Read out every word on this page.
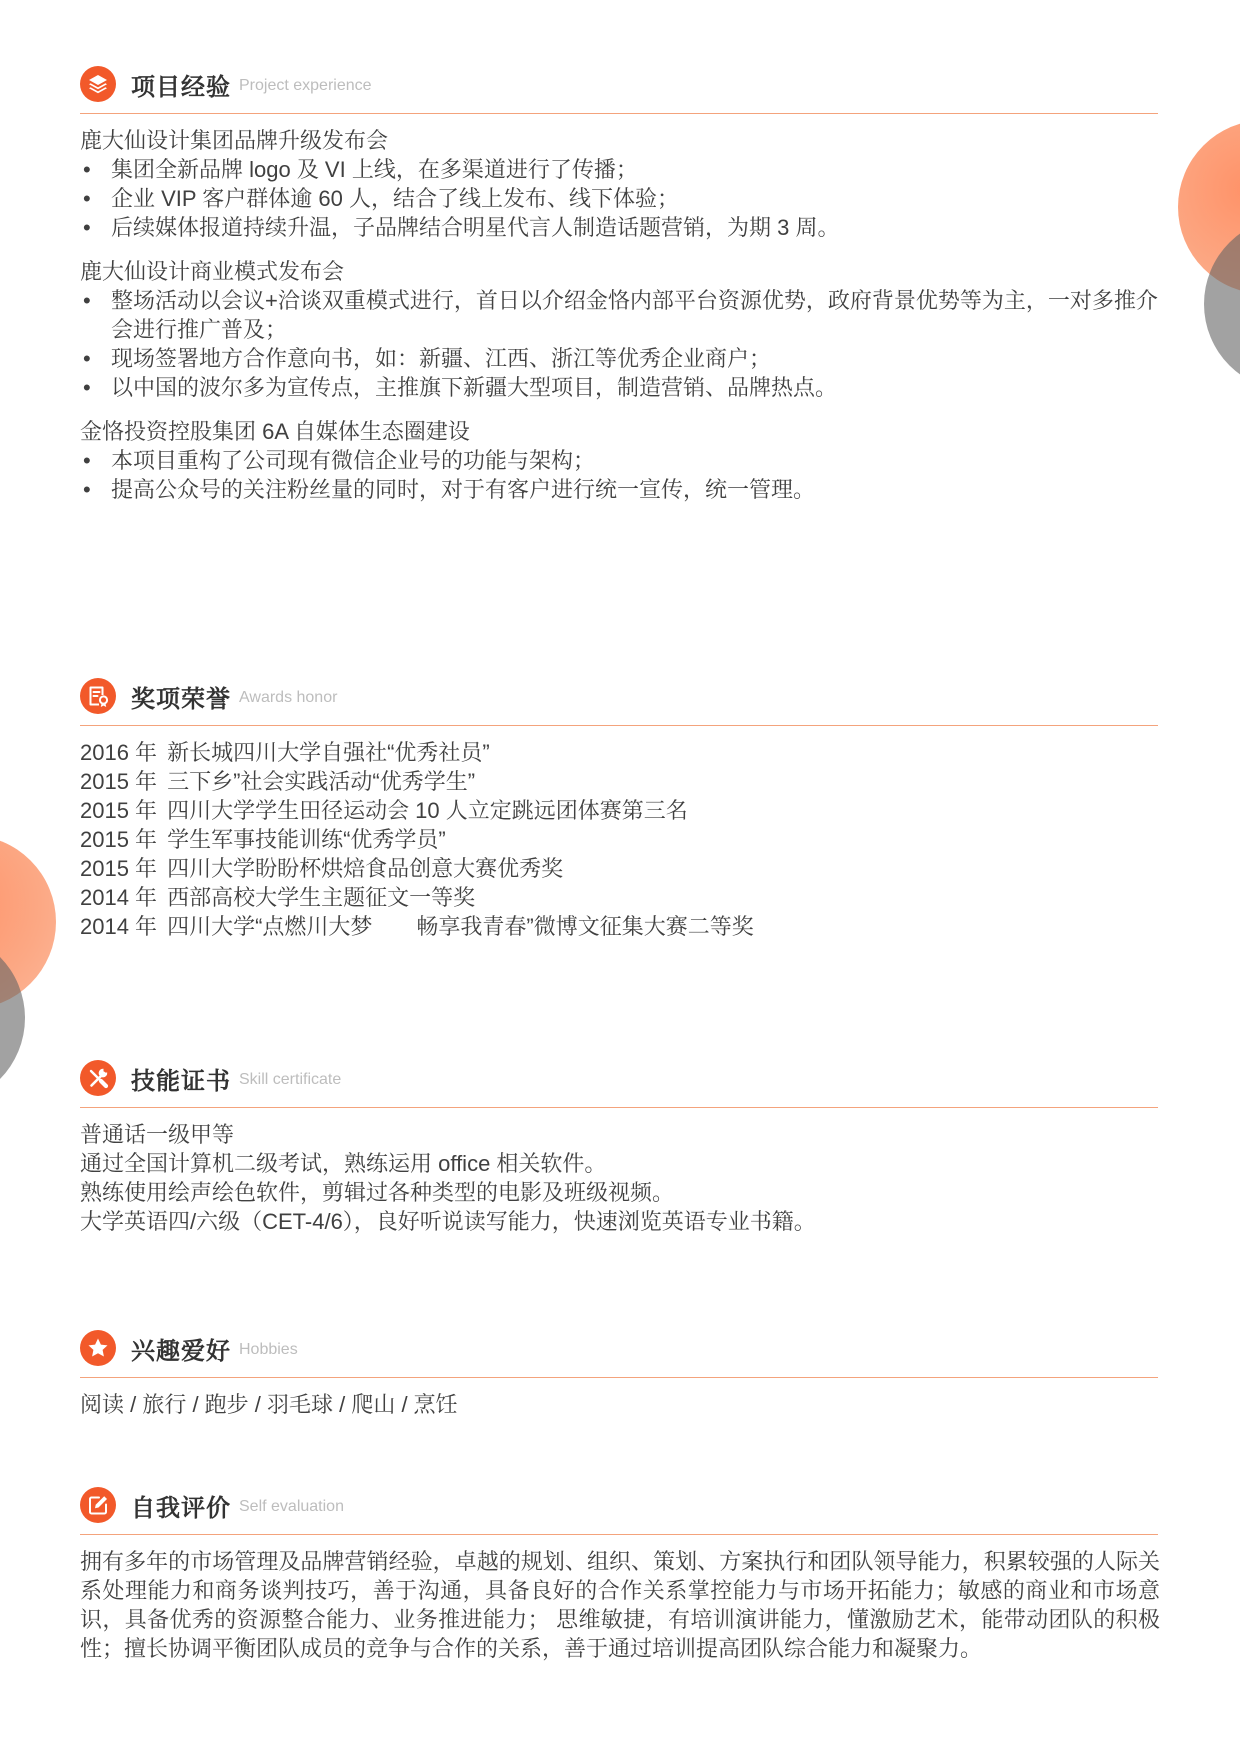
项目经验 Project experience
鹿大仙设计集团品牌升级发布会
• 集团全新品牌 logo 及 VI 上线，在多渠道进行了传播；
• 企业 VIP 客户群体逾 60 人，结合了线上发布、线下体验；
• 后续媒体报道持续升温，子品牌结合明星代言人制造话题营销，为期 3 周。
鹿大仙设计商业模式发布会
• 整场活动以会议+洽谈双重模式进行，首日以介绍金恪内部平台资源优势，政府背景优势等为主，一对多推介会进行推广普及；
• 现场签署地方合作意向书，如：新疆、江西、浙江等优秀企业商户；
• 以中国的波尔多为宣传点，主推旗下新疆大型项目，制造营销、品牌热点。
金恪投资控股集团 6A 自媒体生态圈建设
• 本项目重构了公司现有微信企业号的功能与架构；
• 提高公众号的关注粉丝量的同时，对于有客户进行统一宣传，统一管理。
奖项荣誉 Awards honor
2016 年 新长城四川大学自强社“优秀社员”
2015 年 三下乡”社会实践活动“优秀学生”
2015 年 四川大学学生田径运动会 10 人立定跳远团体赛第三名
2015 年 学生军事技能训练“优秀学员”
2015 年 四川大学盼盼杯烘焙食品创意大赛优秀奖
2014 年 西部高校大学生主题征文一等奖
2014 年 四川大学“点燃川大梦　　畅享我青春”微博文征集大赛二等奖
技能证书 Skill certificate
普通话一级甲等
通过全国计算机二级考试，熟练运用 office 相关软件。
熟练使用绘声绘色软件，剪辑过各种类型的电影及班级视频。
大学英语四/六级（CET-4/6），良好听说读写能力，快速浏览英语专业书籍。
兴趣爱好 Hobbies
阅读 / 旅行 / 跑步 / 羽毛球 / 爬山 / 烹饪
自我评价 Self evaluation
拥有多年的市场管理及品牌营销经验，卓越的规划、组织、策划、方案执行和团队领导能力，积累较强的人际关系处理能力和商务谈判技巧，善于沟通，具备良好的合作关系掌控能力与市场开拓能力；敏感的商业和市场意识，具备优秀的资源整合能力、业务推进能力； 思维敏捷，有培训演讲能力，懂激励艺术，能带动团队的积极性；擅长协调平衡团队成员的竞争与合作的关系，善于通过培训提高团队综合能力和凝聚力。
